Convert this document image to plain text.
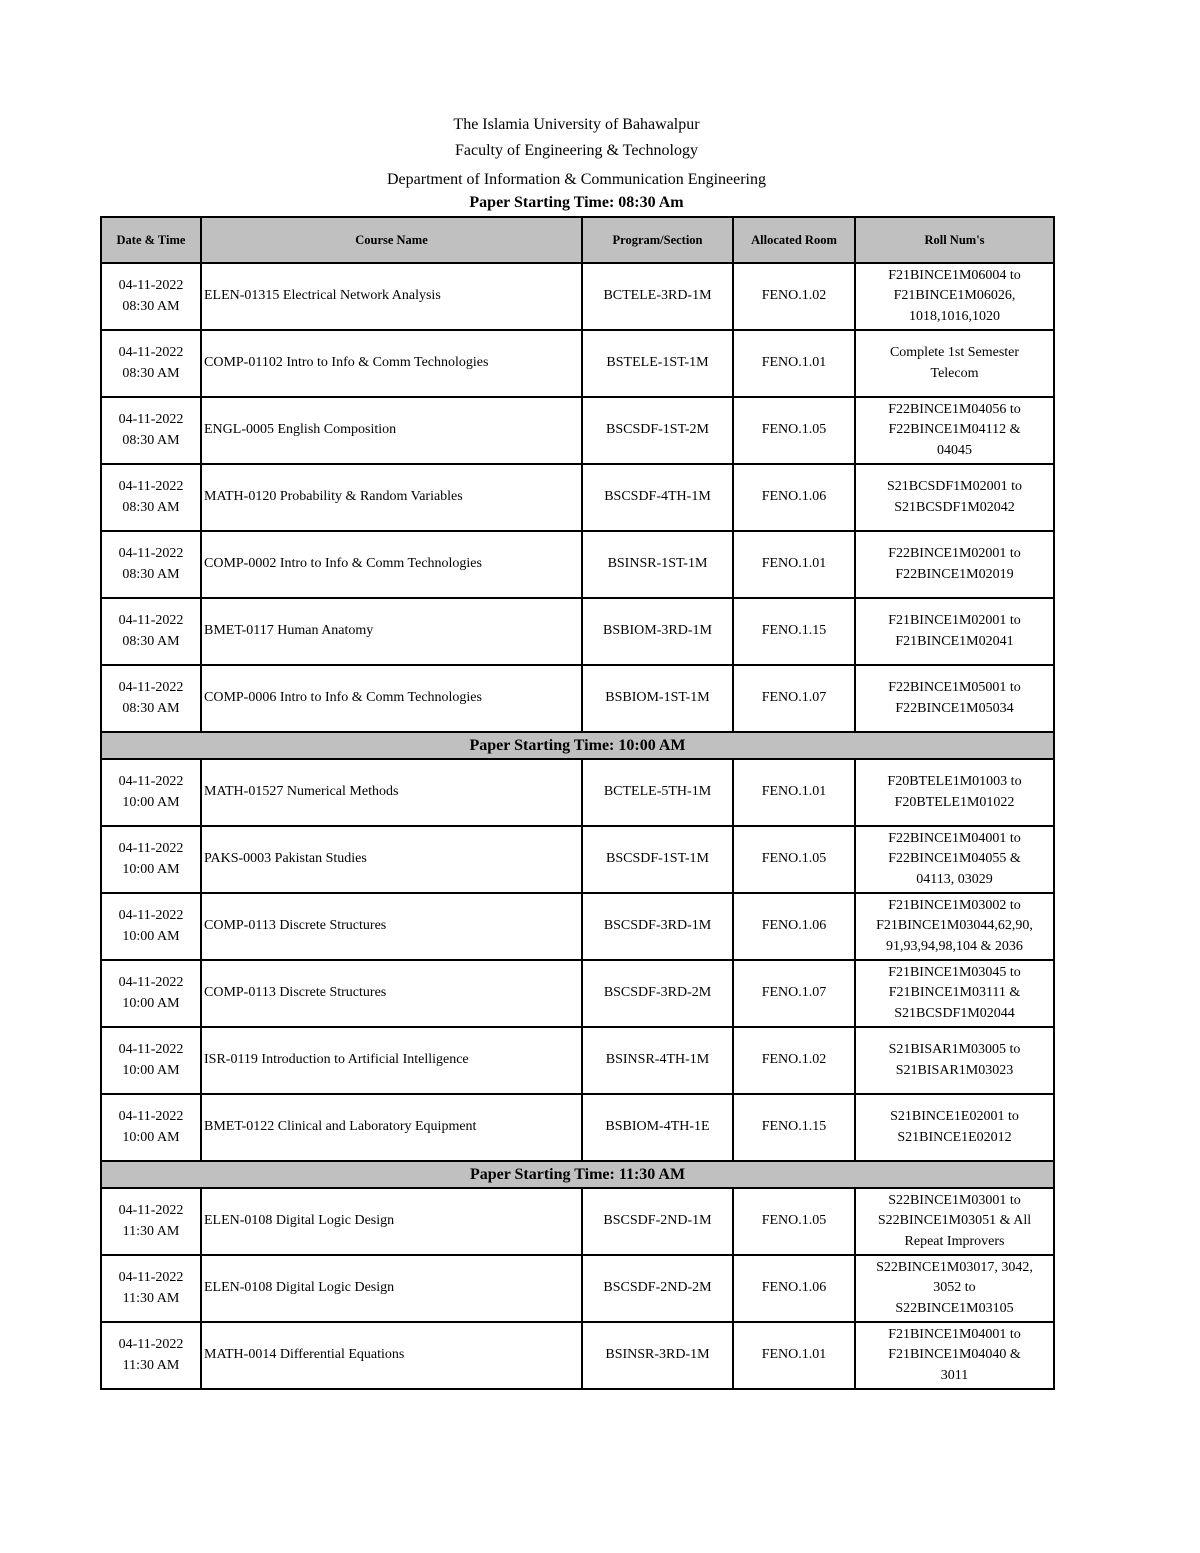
The Islamia University of Bahawalpur
Faculty of Engineering & Technology
Department of Information & Communication Engineering
Paper Starting Time: 08:30 Am
Date & Time	Course Name	Program/Section	Allocated Room	Roll Num's

04-11-2022
08:30 AM	ELEN-01315 Electrical Network Analysis	BCTELE-3RD-1M	FENO.1.02	F21BINCE1M06004 to
F21BINCE1M06026,
1018,1016,1020

04-11-2022
08:30 AM	COMP-01102 Intro to Info & Comm Technologies	BSTELE-1ST-1M	FENO.1.01	Complete 1st Semester
Telecom

04-11-2022
08:30 AM	ENGL-0005 English Composition	BSCSDF-1ST-2M	FENO.1.05	F22BINCE1M04056 to
F22BINCE1M04112 &
04045

04-11-2022
08:30 AM	MATH-0120 Probability & Random Variables	BSCSDF-4TH-1M	FENO.1.06	S21BCSDF1M02001 to
S21BCSDF1M02042

04-11-2022
08:30 AM	COMP-0002 Intro to Info & Comm Technologies	BSINSR-1ST-1M	FENO.1.01	F22BINCE1M02001 to
F22BINCE1M02019

04-11-2022
08:30 AM	BMET-0117 Human Anatomy	BSBIOM-3RD-1M	FENO.1.15	F21BINCE1M02001 to
F21BINCE1M02041

04-11-2022
08:30 AM	COMP-0006 Intro to Info & Comm Technologies	BSBIOM-1ST-1M	FENO.1.07	F22BINCE1M05001 to
F22BINCE1M05034

Paper Starting Time: 10:00 AM				

04-11-2022
10:00 AM	MATH-01527 Numerical Methods	BCTELE-5TH-1M	FENO.1.01	F20BTELE1M01003 to
F20BTELE1M01022

04-11-2022
10:00 AM	PAKS-0003 Pakistan Studies	BSCSDF-1ST-1M	FENO.1.05	F22BINCE1M04001 to
F22BINCE1M04055 &
04113, 03029

04-11-2022
10:00 AM	COMP-0113 Discrete Structures	BSCSDF-3RD-1M	FENO.1.06	F21BINCE1M03002 to
F21BINCE1M03044,62,90,
91,93,94,98,104 & 2036

04-11-2022
10:00 AM	COMP-0113 Discrete Structures	BSCSDF-3RD-2M	FENO.1.07	F21BINCE1M03045 to
F21BINCE1M03111 &
S21BCSDF1M02044

04-11-2022
10:00 AM	ISR-0119 Introduction to Artificial Intelligence	BSINSR-4TH-1M	FENO.1.02	S21BISAR1M03005 to
S21BISAR1M03023

04-11-2022
10:00 AM	BMET-0122 Clinical and Laboratory Equipment	BSBIOM-4TH-1E	FENO.1.15	S21BINCE1E02001 to
S21BINCE1E02012

Paper Starting Time: 11:30 AM				

04-11-2022
11:30 AM	ELEN-0108 Digital Logic Design	BSCSDF-2ND-1M	FENO.1.05	S22BINCE1M03001 to
S22BINCE1M03051 & All
Repeat Improvers

04-11-2022
11:30 AM	ELEN-0108 Digital Logic Design	BSCSDF-2ND-2M	FENO.1.06	S22BINCE1M03017, 3042,
3052 to
S22BINCE1M03105

04-11-2022
11:30 AM	MATH-0014 Differential Equations	BSINSR-3RD-1M	FENO.1.01	F21BINCE1M04001 to
F21BINCE1M04040 &
3011
